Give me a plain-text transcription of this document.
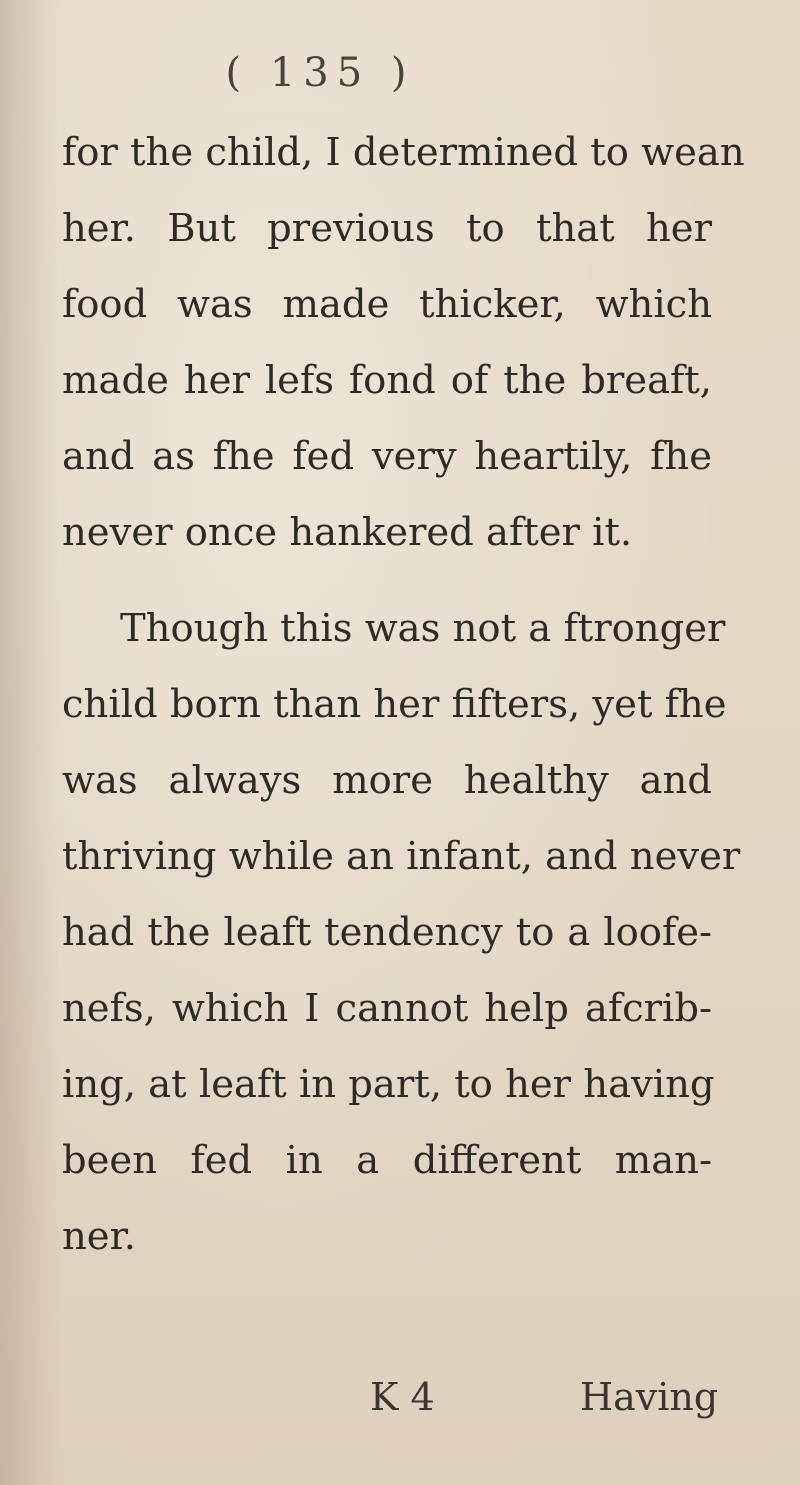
( 135 )
for the child, I determined to wean
her. But previous to that her
food was made thicker, which
made her lefs fond of the breaft,
and as fhe fed very heartily, fhe
never once hankered after it.
Though this was not a ftronger
child born than her fifters, yet fhe
was always more healthy and
thriving while an infant, and never
had the leaft tendency to a loofe-
nefs, which I cannot help afcrib-
ing, at leaft in part, to her having
been fed in a different man-
ner.
K 4	Having
